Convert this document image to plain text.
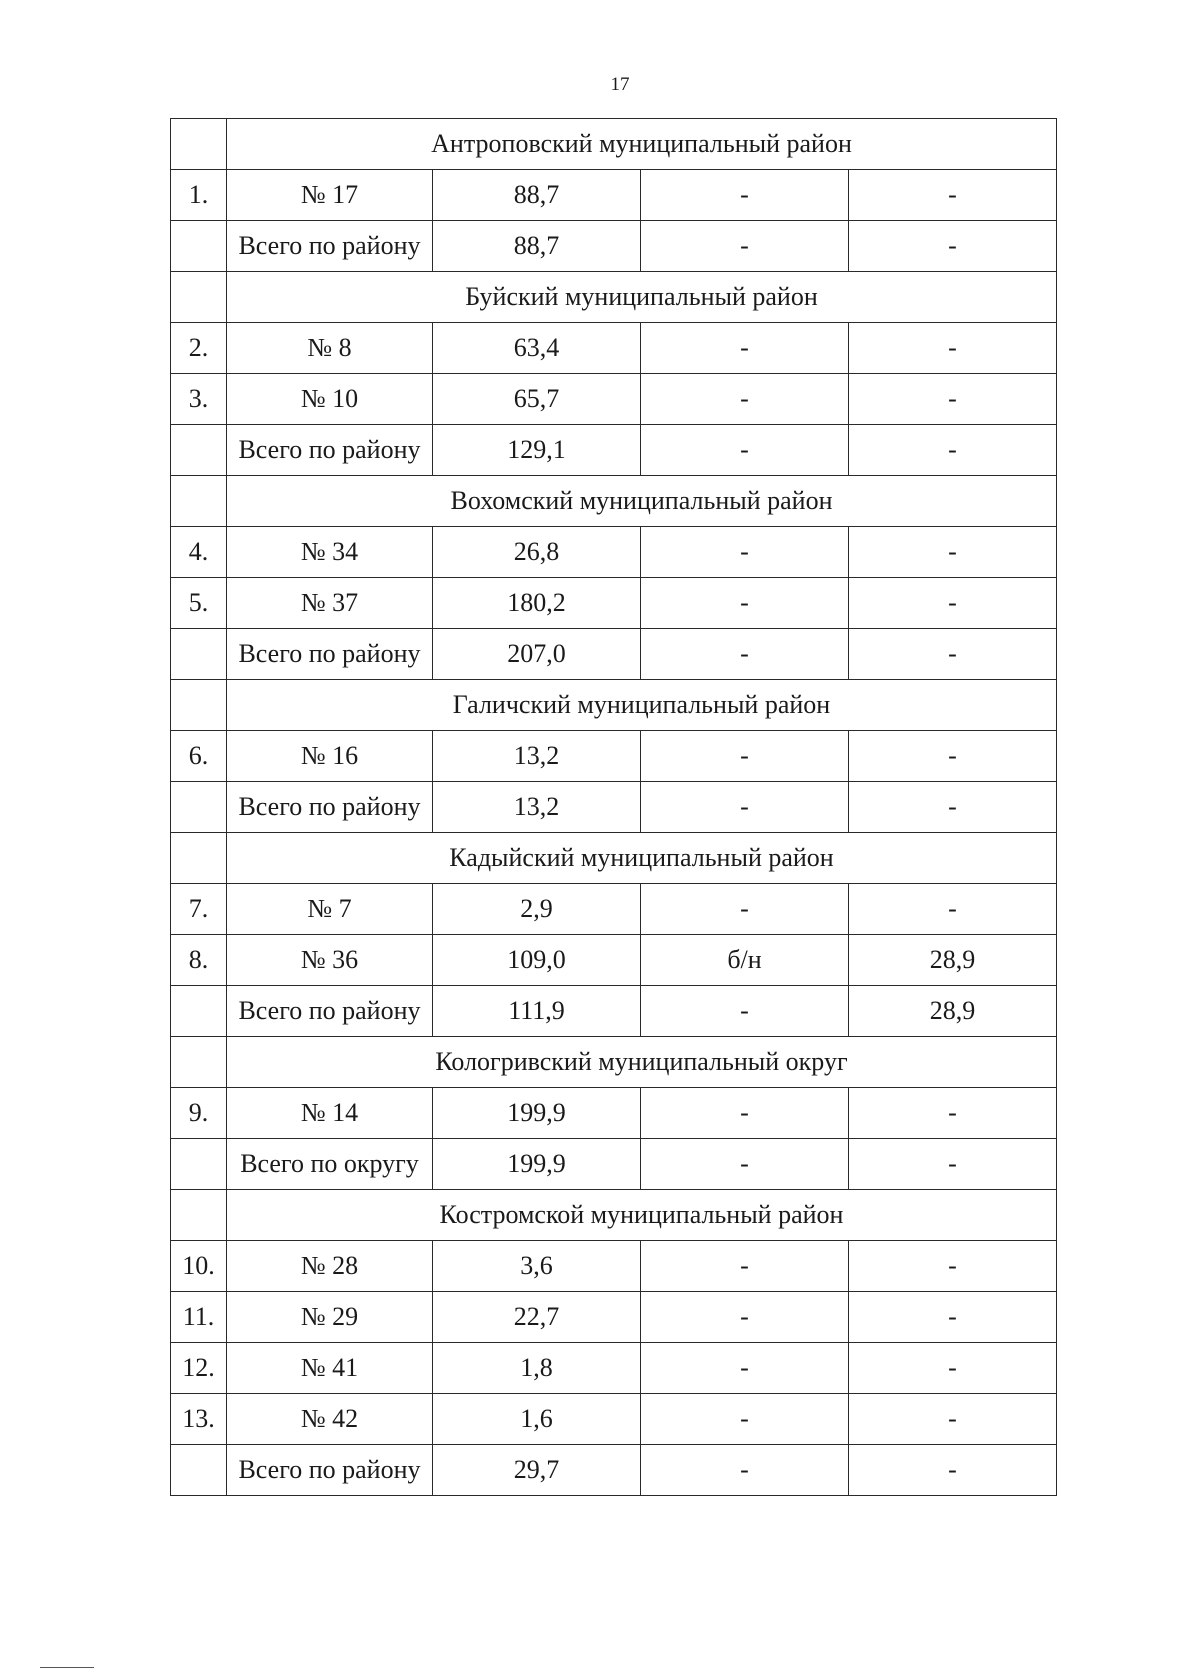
17
	Антроповский муниципальный район			
1.	№ 17	88,7	-	-
	Всего по району	88,7	-	-
	Буйский муниципальный район			
2.	№ 8	63,4	-	-
3.	№ 10	65,7	-	-
	Всего по району	129,1	-	-
	Вохомский муниципальный район			
4.	№ 34	26,8	-	-
5.	№ 37	180,2	-	-
	Всего по району	207,0	-	-
	Галичский муниципальный район			
6.	№ 16	13,2	-	-
	Всего по району	13,2	-	-
	Кадыйский муниципальный район			
7.	№ 7	2,9	-	-
8.	№ 36	109,0	б/н	28,9
	Всего по району	111,9	-	28,9
	Кологривский муниципальный округ			
9.	№ 14	199,9	-	-
	Всего по округу	199,9	-	-
	Костромской муниципальный район			
10.	№ 28	3,6	-	-
11.	№ 29	22,7	-	-
12.	№ 41	1,8	-	-
13.	№ 42	1,6	-	-
	Всего по району	29,7	-	-
